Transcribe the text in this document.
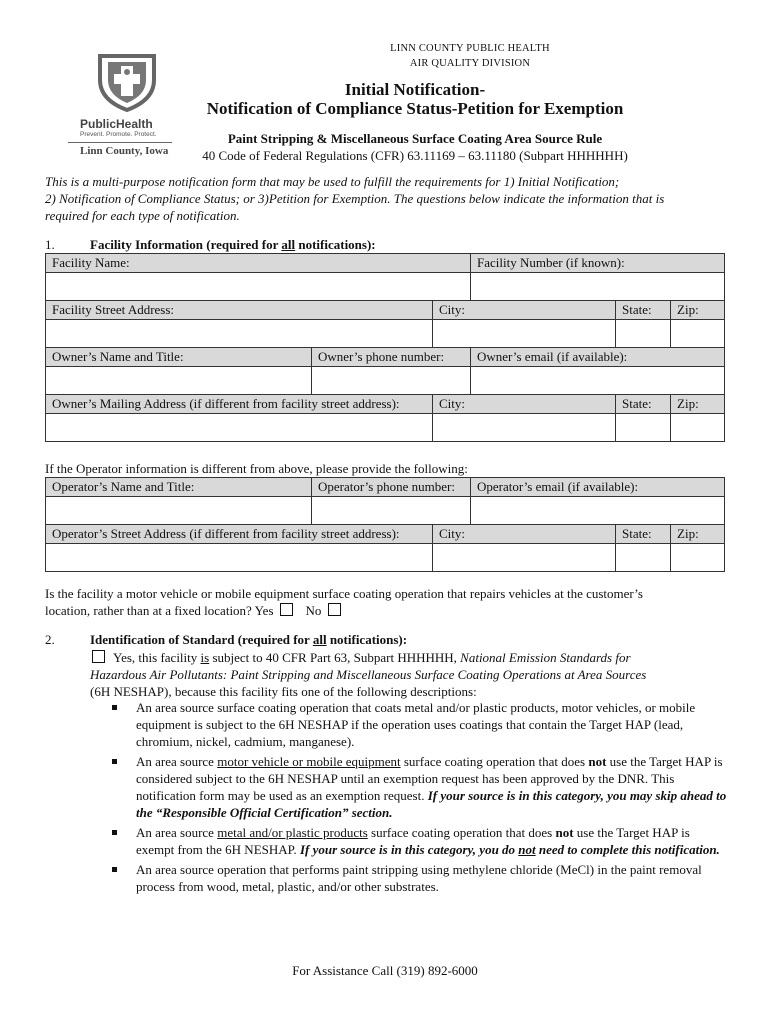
PublicHealth
Prevent. Promote. Protect.
Linn County, Iowa
LINN COUNTY PUBLIC HEALTH
AIR QUALITY DIVISION
Initial Notification-
Notification of Compliance Status-Petition for Exemption
Paint Stripping & Miscellaneous Surface Coating Area Source Rule
40 Code of Federal Regulations (CFR) 63.11169 – 63.11180 (Subpart HHHHHH)
This is a multi-purpose notification form that may be used to fulfill the requirements for 1) Initial Notification;
2) Notification of Compliance Status; or 3)Petition for Exemption. The questions below indicate the information that is
required for each type of notification.
1.	Facility Information (required for all notifications):
Facility Name:			Facility Number (if known):		

Facility Street Address:		City:		State:	Zip:

Owner’s Name and Title:	Owner’s phone number:		Owner’s email (if available):		

Owner’s Mailing Address (if different from facility street address):		City:		State:	Zip:

If the Operator information is different from above, please provide the following:
Operator’s Name and Title:	Operator’s phone number:		Operator’s email (if available):		

Operator’s Street Address (if different from facility street address):		City:		State:	Zip:

Is the facility a motor vehicle or mobile equipment surface coating operation that repairs vehicles at the customer’s
location, rather than at a fixed location? Yes No
2.	Identification of Standard (required for all notifications):
Yes, this facility is subject to 40 CFR Part 63, Subpart HHHHHH, National Emission Standards for
Hazardous Air Pollutants: Paint Stripping and Miscellaneous Surface Coating Operations at Area Sources
(6H NESHAP), because this facility fits one of the following descriptions:
An area source surface coating operation that coats metal and/or plastic products, motor vehicles, or mobile equipment is subject to the 6H NESHAP if the operation uses coatings that contain the Target HAP (lead, chromium, nickel, cadmium, manganese).
An area source motor vehicle or mobile equipment surface coating operation that does not use the Target HAP is considered subject to the 6H NESHAP until an exemption request has been approved by the DNR. This notification form may be used as an exemption request. If your source is in this category, you may skip ahead to the “Responsible Official Certification” section.
An area source metal and/or plastic products surface coating operation that does not use the Target HAP is exempt from the 6H NESHAP. If your source is in this category, you do not need to complete this notification.
An area source operation that performs paint stripping using methylene chloride (MeCl) in the paint removal process from wood, metal, plastic, and/or other substrates.
For Assistance Call (319) 892-6000
